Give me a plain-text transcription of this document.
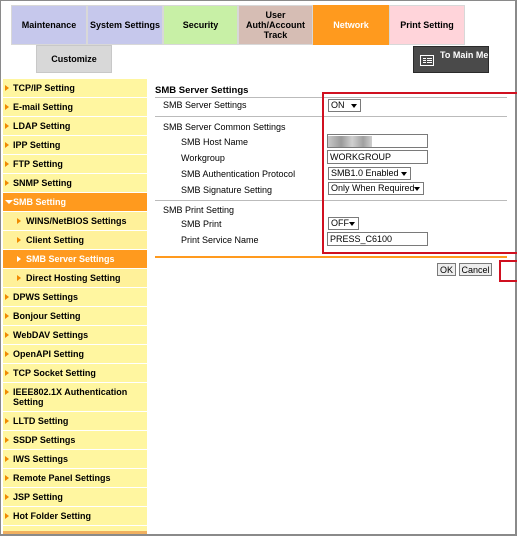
Maintenance	System Settings	Security
User Auth/Account Track
Network	Print Setting
Customize	To Main Menu
TCP/IP Setting
E-mail Setting
LDAP Setting
IPP Setting
FTP Setting
SNMP Setting
SMB Setting
WINS/NetBIOS Settings
Client Setting
SMB Server Settings
Direct Hosting Setting
DPWS Settings
Bonjour Setting
WebDAV Settings
OpenAPI Setting
TCP Socket Setting
IEEE802.1X Authentication Setting
LLTD Setting
SSDP Settings
IWS Settings
Remote Panel Settings
JSP Setting
Hot Folder Setting
SMB Server Settings
SMB Server Settings	ON
SMB Server Common Settings
SMB Host Name
Workgroup	WORKGROUP
SMB Authentication Protocol	SMB1.0 Enabled
SMB Signature Setting	Only When Required
SMB Print Setting
SMB Print	OFF
Print Service Name	PRESS_C6100
OK Cancel
